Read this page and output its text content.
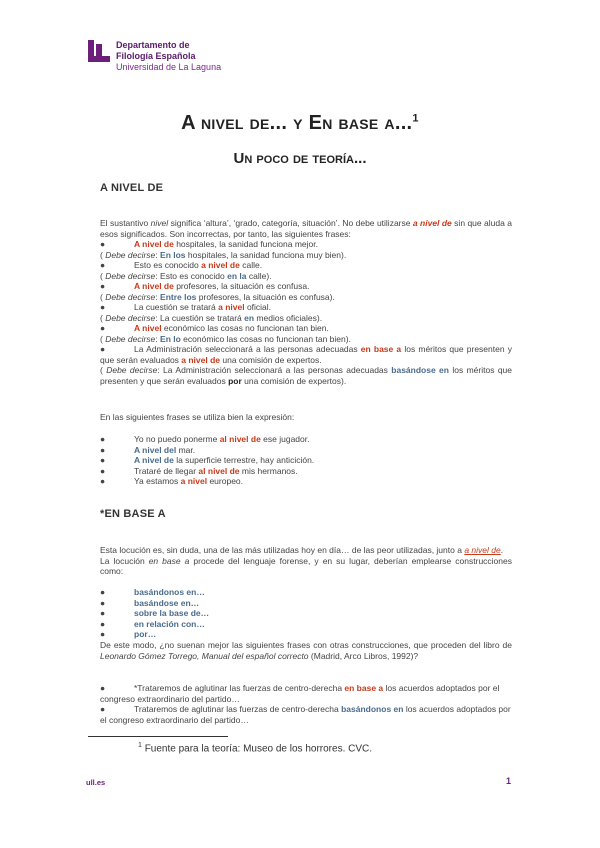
Departamento de
Filología Española
Universidad de La Laguna
A nivel de... y En base a...$^1$
Un poco de teoría...
A NIVEL DE

El sustantivo nivel significa ‘altura’, ‘grado, categoría, situación’. No debe utilizarse a nivel de sin que aluda a esos significados. Son incorrectas, por tanto, las siguientes frases:

●	A nivel de hospitales, la sanidad funciona mejor.

( Debe decirse: En los hospitales, la sanidad funciona muy bien).

●	Esto es conocido a nivel de calle.

( Debe decirse: Esto es conocido en la calle).

●	A nivel de profesores, la situación es confusa.

( Debe decirse: Entre los profesores, la situación es confusa).

●	La cuestión se tratará a nivel oficial.

( Debe decirse: La cuestión se tratará en medios oficiales).

●	A nivel económico las cosas no funcionan tan bien.

( Debe decirse: En lo económico las cosas no funcionan tan bien).

●	La Administración seleccionará a las personas adecuadas en base a los méritos que presenten y que serán evaluados a nivel de una comisión de expertos.

( Debe decirse: La Administración seleccionará a las personas adecuadas basándose en los méritos que presenten y que serán evaluados por una comisión de expertos).

En las siguientes frases se utiliza bien la expresión:
●	Yo no puedo ponerme al nivel de ese jugador.
●	A nivel del mar.
●	A nivel de la superficie terrestre, hay anticición.
●	Trataré de llegar al nivel de mis hermanos.
●	Ya estamos a nivel europeo.
*EN BASE A

Esta locución es, sin duda, una de las más utilizadas hoy en día… de las peor utilizadas, junto a a nivel de.

La locución en base a procede del lenguaje forense, y en su lugar, deberían emplearse construcciones como:

●	basándonos en…
●	basándose en…
●	sobre la base de…
●	en relación con…
●	por…

De este modo, ¿no suenan mejor las siguientes frases con otras construcciones, que proceden del libro de Leonardo Gómez Torrego, Manual del español correcto (Madrid, Arco Libros, 1992)?

●	*Trataremos de aglutinar las fuerzas de centro-derecha en base a los acuerdos adoptados por el congreso extraordinario del partido…

●	Trataremos de aglutinar las fuerzas de centro-derecha basándonos en los acuerdos adoptados por el congreso extraordinario del partido…

$^1$ Fuente para la teoría: Museo de los horrores. CVC.
ull.es	1
